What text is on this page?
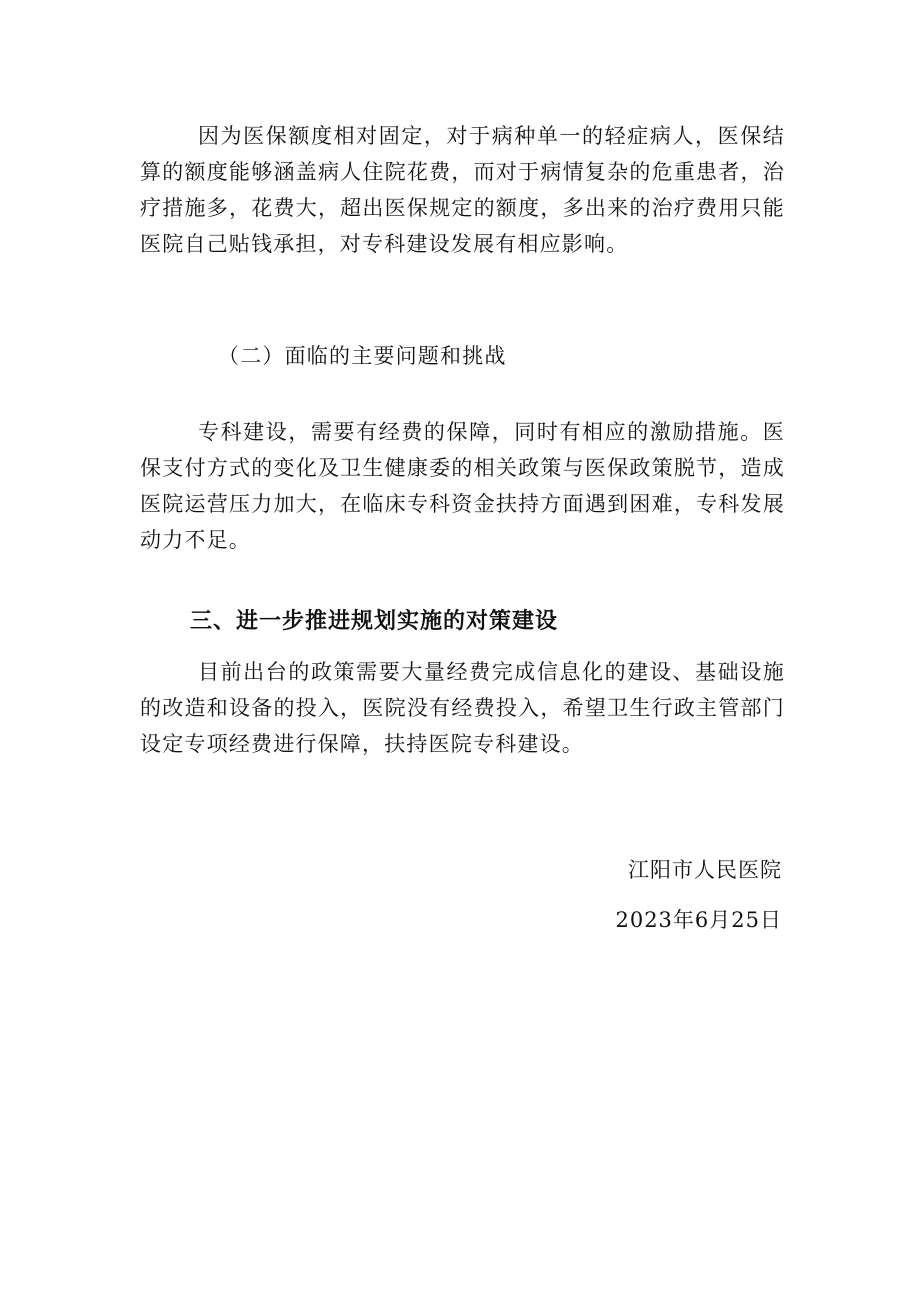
因为医保额度相对固定，对于病种单一的轻症病人，医保结算的额度能够涵盖病人住院花费，而对于病情复杂的危重患者，治疗措施多，花费大，超出医保规定的额度，多出来的治疗费用只能医院自己贴钱承担，对专科建设发展有相应影响。

（二）面临的主要问题和挑战

专科建设，需要有经费的保障，同时有相应的激励措施。医保支付方式的变化及卫生健康委的相关政策与医保政策脱节，造成医院运营压力加大，在临床专科资金扶持方面遇到困难，专科发展动力不足。

三、进一步推进规划实施的对策建设

目前出台的政策需要大量经费完成信息化的建设、基础设施的改造和设备的投入，医院没有经费投入，希望卫生行政主管部门设定专项经费进行保障，扶持医院专科建设。

江阳市人民医院

2023年6月25日
